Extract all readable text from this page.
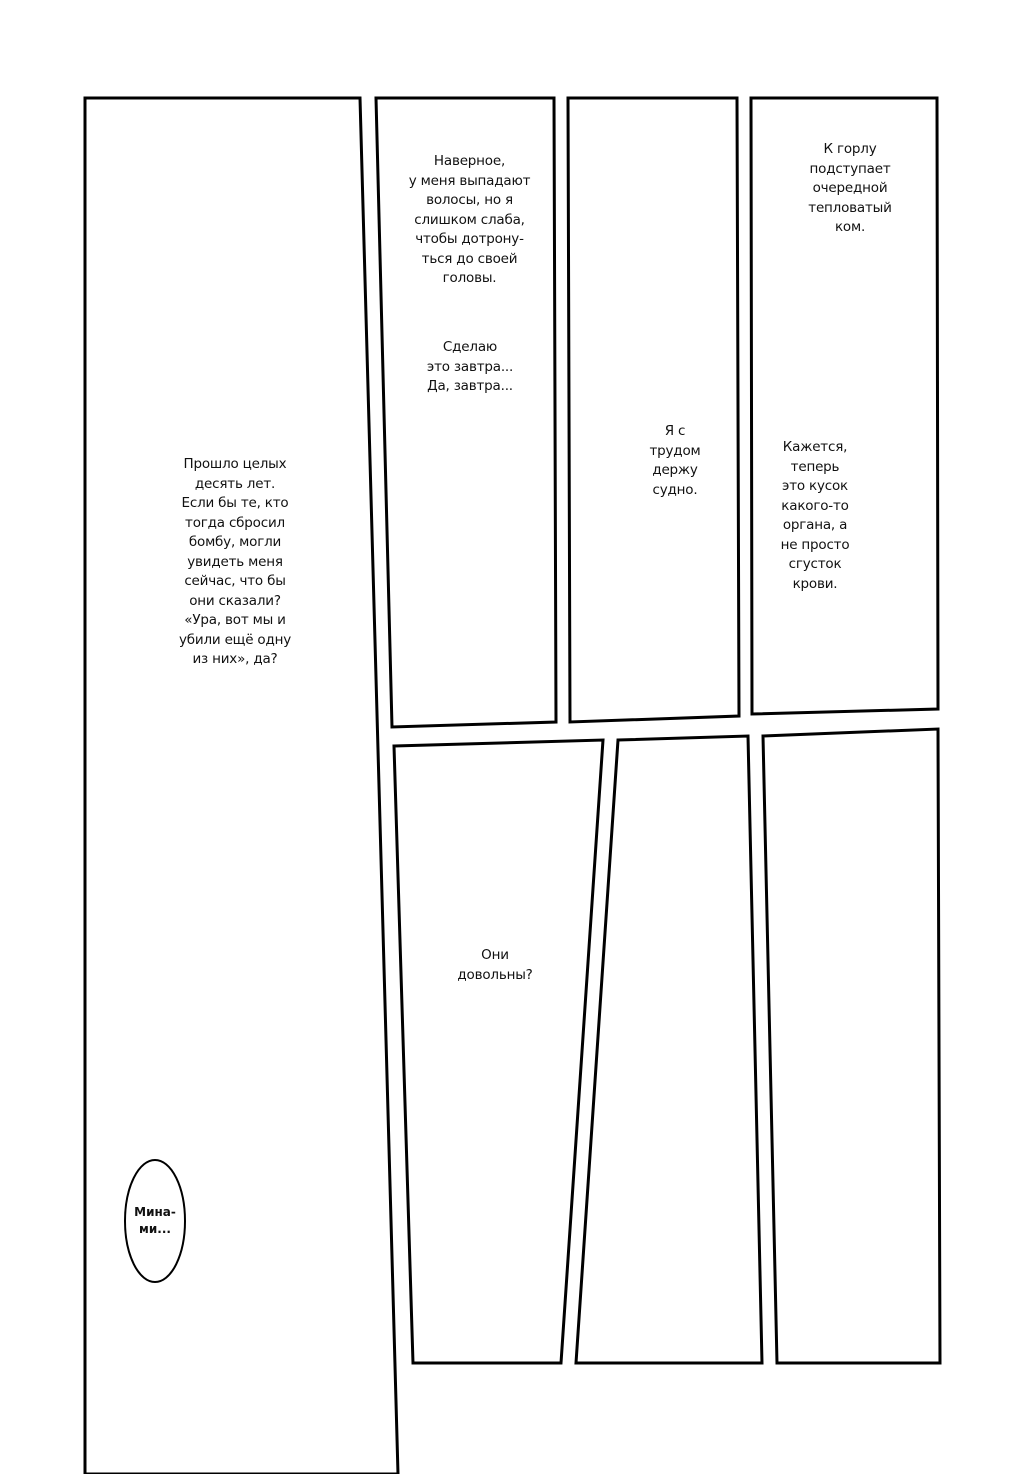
Прошло целых
десять лет.
Если бы те, кто
тогда сбросил
бомбу, могли
увидеть меня
сейчас, что бы
они сказали?
«Ура, вот мы и
убили ещё одну
из них», да?
Наверное,
у меня выпадают
волосы, но я
слишком слаба,
чтобы дотрону-
ться до своей
головы.
Сделаю
это завтра...
Да, завтра...
Я с
трудом
держу
судно.
К горлу
подступает
очередной
тепловатый
ком.
Кажется,
теперь
это кусок
какого-то
органа, а
не просто
сгусток
крови.
Они
довольны?
Мина-
ми...
